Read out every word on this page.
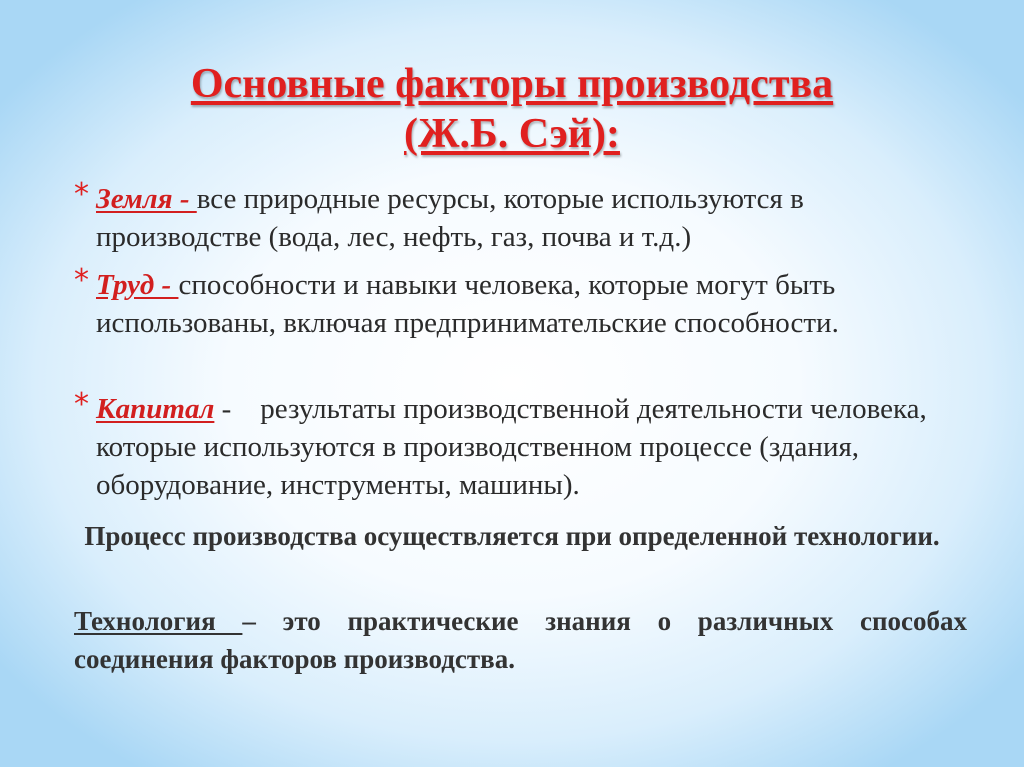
Основные факторы производства
(Ж.Б. Сэй):
* Земля - все природные ресурсы, которые используются в производстве (вода, лес, нефть, газ, почва и т.д.)
* Труд - способности и навыки человека, которые могут быть использованы, включая предпринимательские способности.
* Капитал -    результаты производственной деятельности человека, которые используются в производственном процессе (здания, оборудование, инструменты, машины).
Процесс производства осуществляется при определенной технологии.
Технология – это практические знания о различных способах соединения факторов производства.
